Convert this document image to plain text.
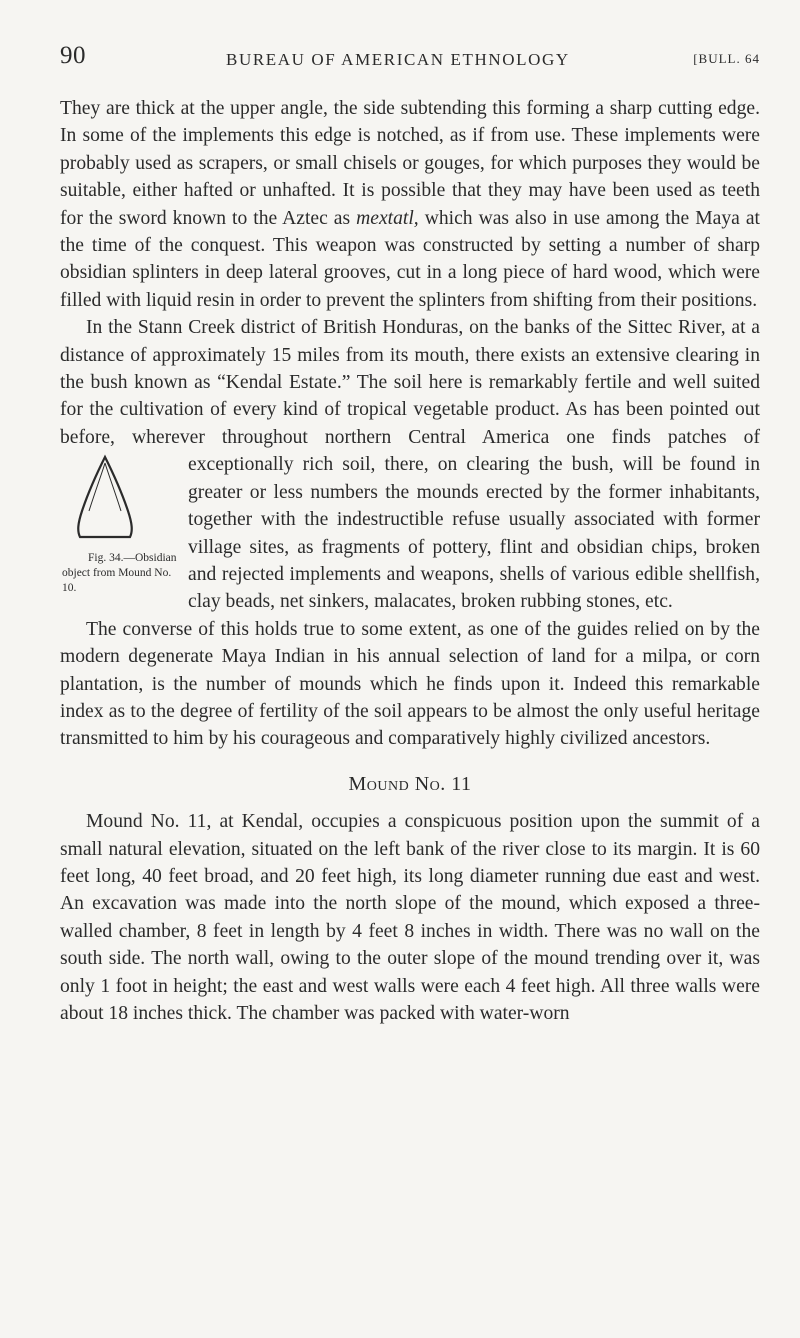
90	BUREAU OF AMERICAN ETHNOLOGY	[BULL. 64

They are thick at the upper angle, the side subtending this forming a sharp cutting edge. In some of the implements this edge is notched, as if from use. These implements were probably used as scrapers, or small chisels or gouges, for which purposes they would be suitable, either hafted or unhafted. It is possible that they may have been used as teeth for the sword known to the Aztec as mextatl, which was also in use among the Maya at the time of the conquest. This weapon was constructed by setting a number of sharp obsidian splinters in deep lateral grooves, cut in a long piece of hard wood, which were filled with liquid resin in order to prevent the splinters from shifting from their positions.

In the Stann Creek district of British Honduras, on the banks of the Sittec River, at a distance of approximately 15 miles from its mouth, there exists an extensive clearing in the bush known as “Kendal Estate.” The soil here is remarkably fertile and well suited for the cultivation of every kind of tropical vegetable product. As has been pointed out before, wherever throughout northern Central America one finds patches of exceptionally rich soil, there, on clearing
Fig. 34.—Obsidian object from Mound No. 10.
the bush, will be found in greater or less numbers the mounds erected by the former inhabitants, together with the indestructible refuse usually associated with former village sites, as fragments of pottery, flint and obsidian chips, broken and rejected implements and weapons, shells of various edible shellfish, clay beads, net sinkers, malacates, broken rubbing stones, etc.

The converse of this holds true to some extent, as one of the guides relied on by the modern degenerate Maya Indian in his annual selection of land for a milpa, or corn plantation, is the number of mounds which he finds upon it. Indeed this remarkable index as to the degree of fertility of the soil appears to be almost the only useful heritage transmitted to him by his courageous and comparatively highly civilized ancestors.

Mound No. 11

Mound No. 11, at Kendal, occupies a conspicuous position upon the summit of a small natural elevation, situated on the left bank of the river close to its margin. It is 60 feet long, 40 feet broad, and 20 feet high, its long diameter running due east and west. An excavation was made into the north slope of the mound, which exposed a three-walled chamber, 8 feet in length by 4 feet 8 inches in width. There was no wall on the south side. The north wall, owing to the outer slope of the mound trending over it, was only 1 foot in height; the east and west walls were each 4 feet high. All three walls were about 18 inches thick. The chamber was packed with water-worn
